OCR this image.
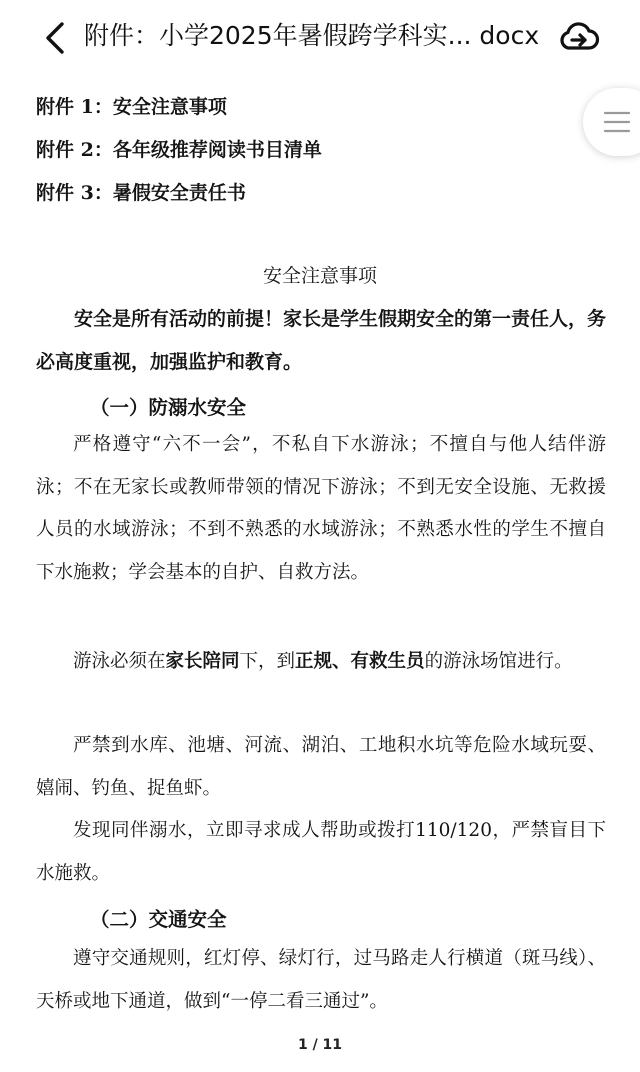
附件：小学2025年暑假跨学科实... docx
附件 1：安全注意事项
附件 2：各年级推荐阅读书目清单
附件 3：暑假安全责任书
安全注意事项
安全是所有活动的前提！家长是学生假期安全的第一责任人，务必高度重视，加强监护和教育。
（一）防溺水安全
严格遵守“六不一会”，不私自下水游泳；不擅自与他人结伴游泳；不在无家长或教师带领的情况下游泳；不到无安全设施、无救援人员的水域游泳；不到不熟悉的水域游泳；不熟悉水性的学生不擅自下水施救；学会基本的自护、自救方法。
游泳必须在家长陪同下，到正规、有救生员的游泳场馆进行。
严禁到水库、池塘、河流、湖泊、工地积水坑等危险水域玩耍、嬉闹、钓鱼、捉鱼虾。
发现同伴溺水，立即寻求成人帮助或拨打110/120，严禁盲目下水施救。
（二）交通安全
遵守交通规则，红灯停、绿灯行，过马路走人行横道（斑马线）、天桥或地下通道，做到“一停二看三通过”。
1 / 11
